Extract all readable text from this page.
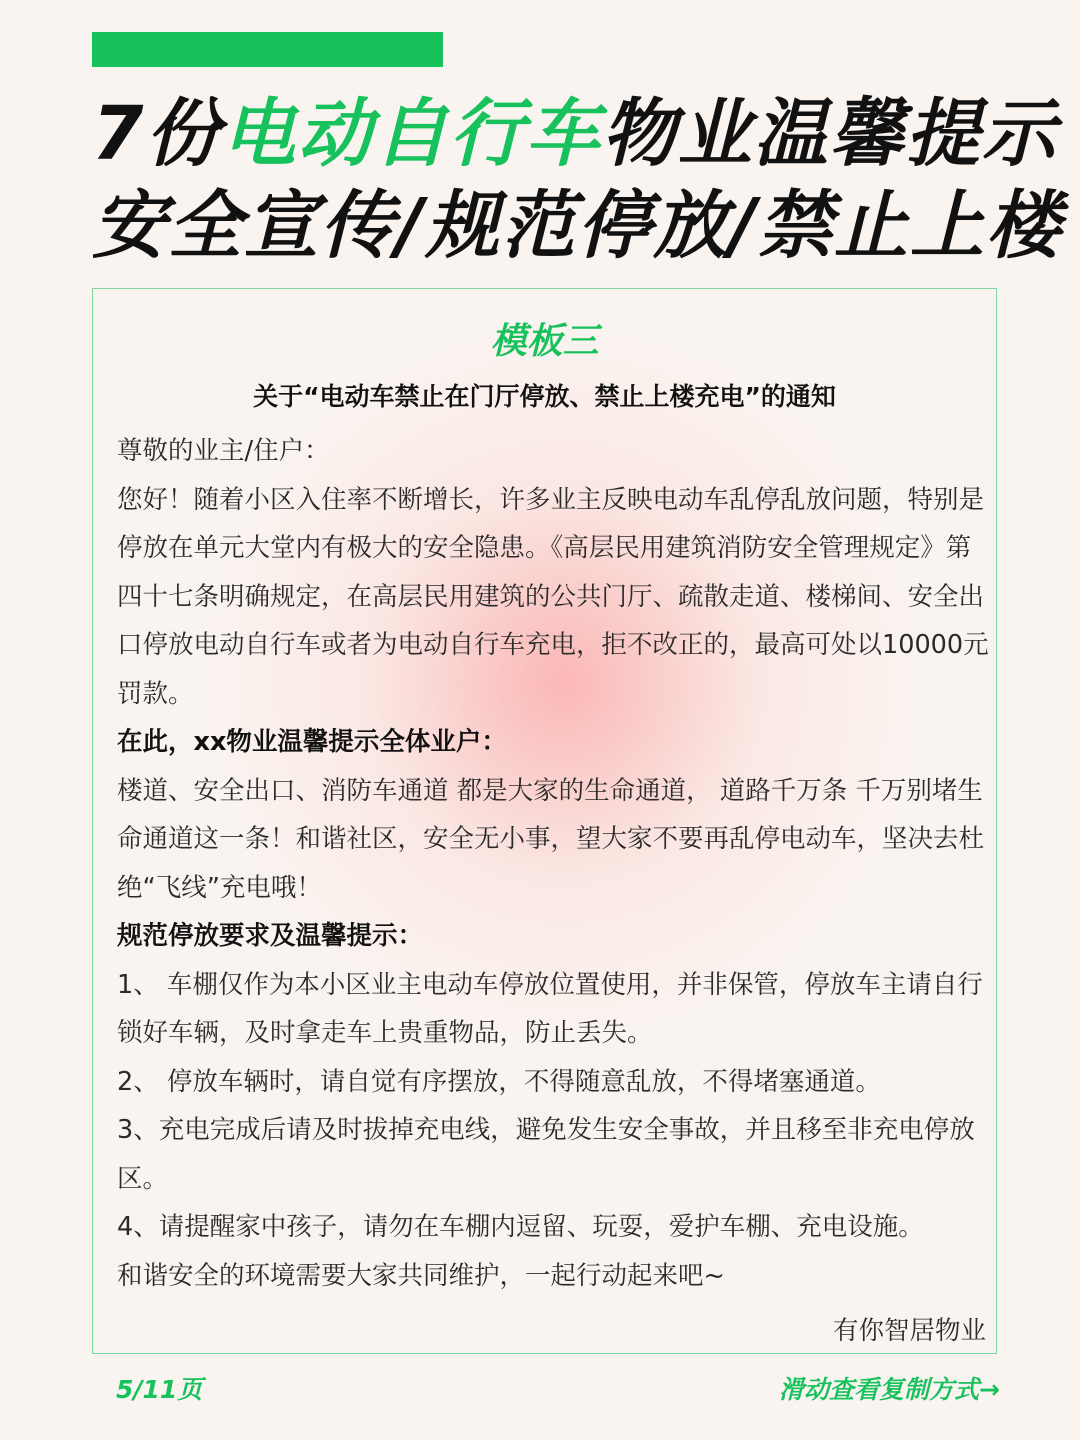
7份电动自行车物业温馨提示
安全宣传/规范停放/禁止上楼
模板三
关于“电动车禁止在门厅停放、禁止上楼充电”的通知

尊敬的业主/住户：

您好！随着小区入住率不断增长，许多业主反映电动车乱停乱放问题，特别是停放在单元大堂内有极大的安全隐患。《高层民用建筑消防安全管理规定》第四十七条明确规定，在高层民用建筑的公共门厅、疏散走道、楼梯间、安全出口停放电动自行车或者为电动自行车充电，拒不改正的，最高可处以10000元罚款。

在此，xx物业温馨提示全体业户：

楼道、安全出口、消防车通道 都是大家的生命通道， 道路千万条 千万别堵生命通道这一条！和谐社区，安全无小事，望大家不要再乱停电动车，坚决去杜绝“飞线”充电哦！

规范停放要求及温馨提示：

1、 车棚仅作为本小区业主电动车停放位置使用，并非保管，停放车主请自行锁好车辆，及时拿走车上贵重物品，防止丢失。

2、 停放车辆时，请自觉有序摆放，不得随意乱放，不得堵塞通道。

3、充电完成后请及时拔掉充电线，避免发生安全事故，并且移至非充电停放区。

4、请提醒家中孩子，请勿在车棚内逗留、玩耍，爱护车棚、充电设施。

和谐安全的环境需要大家共同维护，一起行动起来吧~

有你智居物业
5/11页	滑动查看复制方式→
